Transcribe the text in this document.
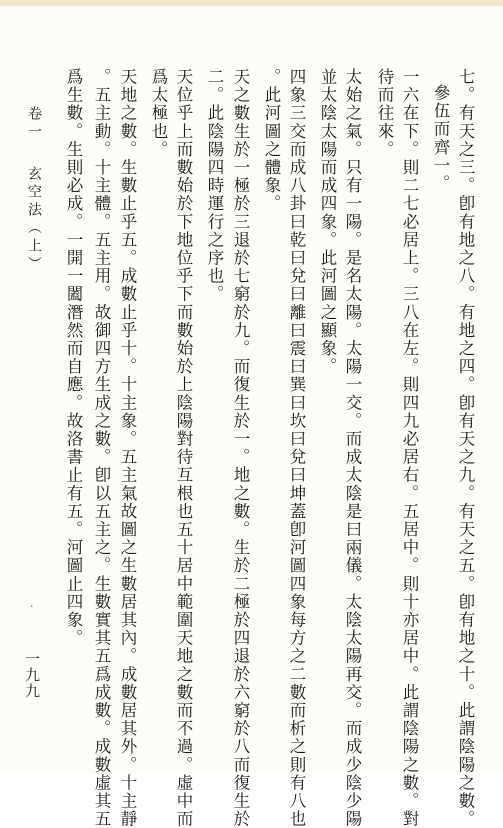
七。有天之三。卽有地之八。有地之四。卽有天之九。有天之五。卽有地之十。此謂陰陽之數。
參伍而齊一。
一六在下。則二七必居上。三八在左。則四九必居右。五居中。則十亦居中。此謂陰陽之數。對
待而往來。
太始之氣。只有一陽。是名太陽。太陽一交。而成太陰是曰兩儀。太陰太陽再交。而成少陰少陽
並太陰太陽而成四象。此河圖之顯象。
四象三交而成八卦曰乾曰兌曰離曰震曰巽曰坎曰兌曰坤蓋卽河圖四象每方之二數而析之則有八也
。此河圖之體象。
天之數生於一極於三退於七窮於九。而復生於一。地之數。生於二極於四退於六窮於八而復生於
二。此陰陽四時運行之序也。
天位乎上而數始於下地位乎下而數始於上陰陽對待互根也五十居中範圍天地之數而不過。虛中而
爲太極也。
天地之數。生數止乎五。成數止乎十。十主象。五主氣故圖之生數居其內。成數居其外。十主靜
。五主動。十主體。五主用。故御四方生成之數。卽以五主之。生數實其五爲成數。成數虛其五
爲生數。生則必成。一開一闔潛然而自應。故洛書止有五。河圖止四象。
卷一
玄空法（上）
·
一九九
